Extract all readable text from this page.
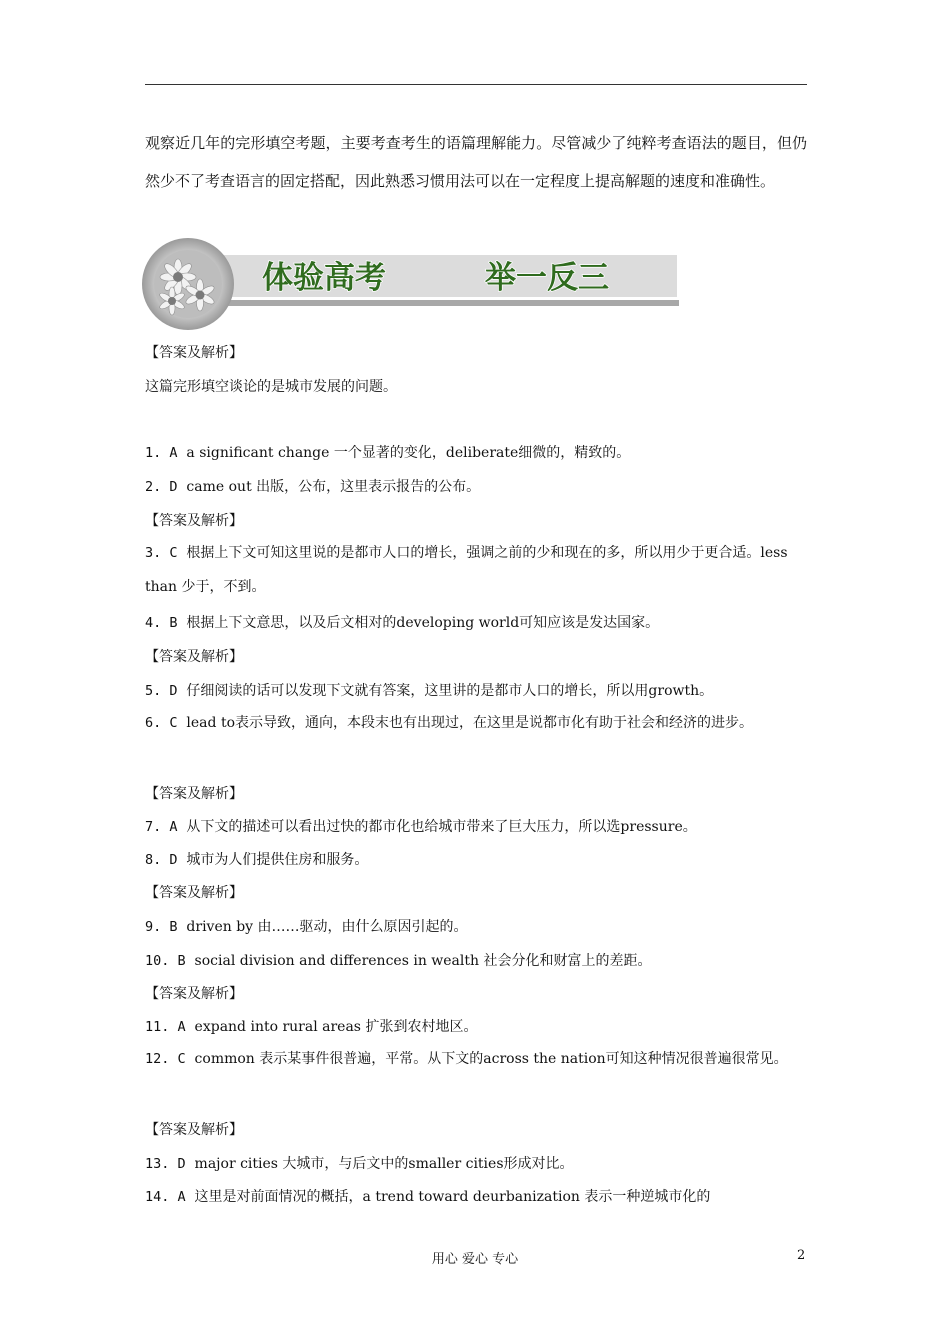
观察近几年的完形填空考题，主要考查考生的语篇理解能力。尽管减少了纯粹考查语法的题目，但仍然少不了考查语言的固定搭配，因此熟悉习惯用法可以在一定程度上提高解题的速度和准确性。
体验高考	举一反三
【答案及解析】
这篇完形填空谈论的是城市发展的问题。
1. A a significant change 一个显著的变化，deliberate细微的，精致的。
2. D came out 出版，公布，这里表示报告的公布。
【答案及解析】
3. C 根据上下文可知这里说的是都市人口的增长，强调之前的少和现在的多，所以用少于更合适。less than 少于，不到。
4. B 根据上下文意思，以及后文相对的developing world可知应该是发达国家。
【答案及解析】
5. D 仔细阅读的话可以发现下文就有答案，这里讲的是都市人口的增长，所以用growth。
6. C lead to表示导致，通向，本段末也有出现过，在这里是说都市化有助于社会和经济的进步。
【答案及解析】
7. A 从下文的描述可以看出过快的都市化也给城市带来了巨大压力，所以选pressure。
8. D 城市为人们提供住房和服务。
【答案及解析】
9. B driven by 由……驱动，由什么原因引起的。
10. B social division and differences in wealth 社会分化和财富上的差距。
【答案及解析】
11. A expand into rural areas 扩张到农村地区。
12. C common 表示某事件很普遍，平常。从下文的across the nation可知这种情况很普遍很常见。
【答案及解析】
13. D major cities 大城市，与后文中的smaller cities形成对比。
14. A 这里是对前面情况的概括，a trend toward deurbanization 表示一种逆城市化的
用心 爱心 专心	2
